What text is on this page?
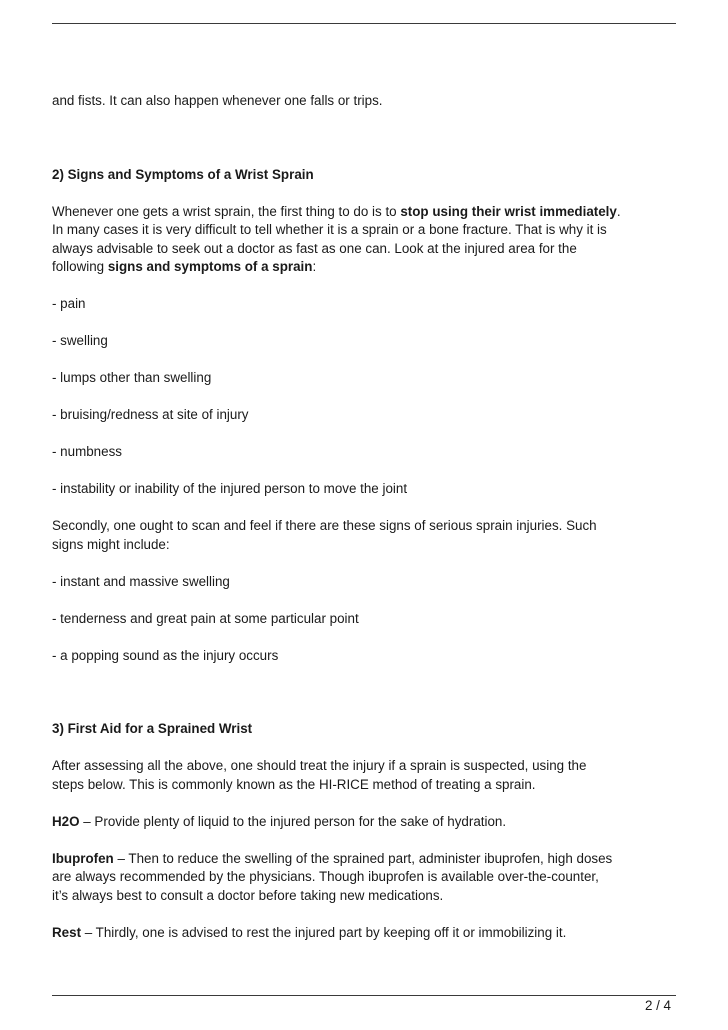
and fists. It can also happen whenever one falls or trips.

2) Signs and Symptoms of a Wrist Sprain

Whenever one gets a wrist sprain, the first thing to do is to stop using their wrist immediately.

In many cases it is very difficult to tell whether it is a sprain or a bone fracture. That is why it is

always advisable to seek out a doctor as fast as one can. Look at the injured area for the

following signs and symptoms of a sprain:

- pain

- swelling

- lumps other than swelling

- bruising/redness at site of injury

- numbness

- instability or inability of the injured person to move the joint

Secondly, one ought to scan and feel if there are these signs of serious sprain injuries. Such

signs might include:

- instant and massive swelling

- tenderness and great pain at some particular point

- a popping sound as the injury occurs

3) First Aid for a Sprained Wrist

After assessing all the above, one should treat the injury if a sprain is suspected, using the

steps below. This is commonly known as the HI-RICE method of treating a sprain.

H2O – Provide plenty of liquid to the injured person for the sake of hydration.

Ibuprofen – Then to reduce the swelling of the sprained part, administer ibuprofen, high doses

are always recommended by the physicians. Though ibuprofen is available over-the-counter,

it’s always best to consult a doctor before taking new medications.

Rest – Thirdly, one is advised to rest the injured part by keeping off it or immobilizing it.

2 / 4
